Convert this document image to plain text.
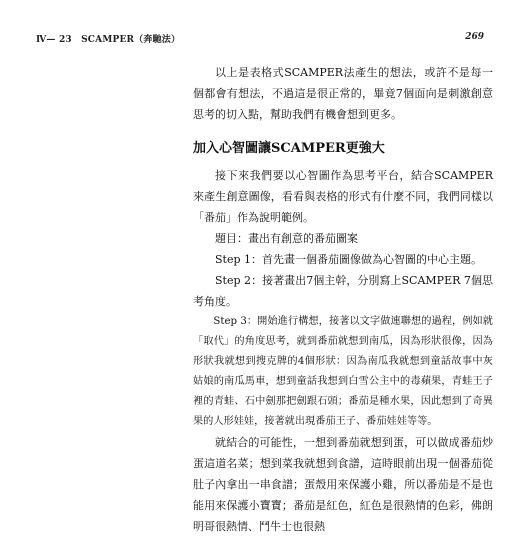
Ⅳ— 23　SCAMPER（奔馳法）	269

以上是表格式SCAMPER法產生的想法，或許不是每一個都會有想法，不過這是很正常的，畢竟7個面向是刺激創意思考的切入點，幫助我們有機會想到更多。

加入心智圖讓SCAMPER更強大

接下來我們要以心智圖作為思考平台，結合SCAMPER來產生創意圖像，看看與表格的形式有什麼不同，我們同樣以「番茄」作為說明範例。

題目：畫出有創意的番茄圖案

Step 1：首先畫一個番茄圖像做為心智圖的中心主題。

Step 2：接著畫出7個主幹，分別寫上SCAMPER 7個思考角度。

Step 3：開始進行構想，接著以文字做連聯想的過程，例如就「取代」的角度思考，就到番茄就想到南瓜，因為形狀很像，因為形狀我就想到搜克牌的4個形狀：因為南瓜我就想到童話故事中灰姑娘的南瓜馬車，想到童話我想到白雪公主中的毒蘋果，青蛙王子裡的青蛙、石中劍那把劍跟石頭；番茄是種水果，因此想到了奇異果的人形娃娃，接著就出現番茄王子、番茄娃娃等等。

就結合的可能性，一想到番茄就想到蛋，可以做成番茄炒蛋這道名菜；想到菜我就想到食譜，這時眼前出現一個番茄從肚子內拿出一串食譜；蛋殼用來保護小雞，所以番茄是不是也能用來保護小寶寶；番茄是紅色，紅色是很熱情的色彩，佛朗明哥很熱情、鬥牛士也很熱
